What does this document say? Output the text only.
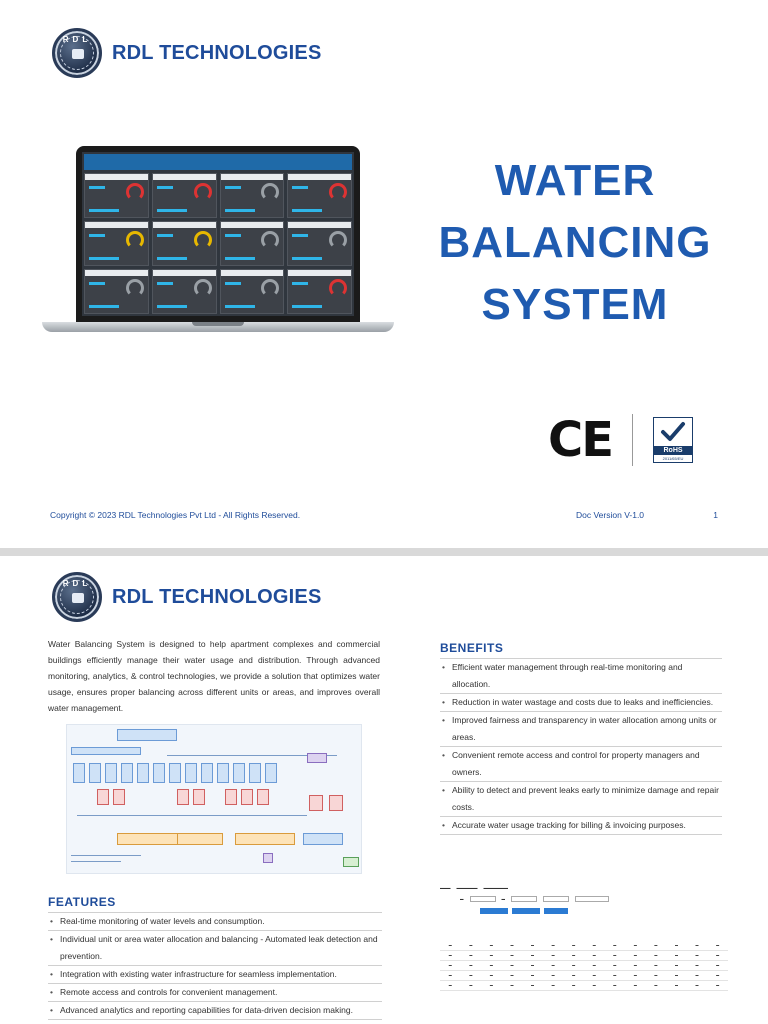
RDL
RDL TECHNOLOGIES
WATER
BALANCING
SYSTEM
CE	RoHS
2011/65/EU
Copyright © 2023 RDL Technologies Pvt Ltd - All Rights Reserved.	Doc Version V-1.0	1
RDL
RDL TECHNOLOGIES

Water Balancing System is designed to help apartment complexes and commercial buildings efficiently manage their water usage and distribution. Through advanced monitoring, analytics, & control technologies, we provide a solution that optimizes water usage, ensures proper balancing across different units or areas, and improves overall water management.

BENEFITS
• Efficient water management through real-time monitoring and allocation.
• Reduction in water wastage and costs due to leaks and inefficiencies.
• Improved fairness and transparency in water allocation among units or areas.
• Convenient remote access and control for property managers and owners.
• Ability to detect and prevent leaks early to minimize damage and repair costs.
• Accurate water usage tracking for billing & invoicing purposes.
FEATURES
• Real-time monitoring of water levels and consumption.
• Individual unit or area water allocation and balancing - Automated leak detection and prevention.
• Integration with existing water infrastructure for seamless implementation.
• Remote access and controls for convenient management.
• Advanced analytics and reporting capabilities for data-driven decision making.
▬▬▬ ▬▬▬▬▬▬ ▬▬▬▬▬▬▬
▬	▬
▬	▬	▬	▬	▬	▬	▬	▬	▬	▬	▬	▬	▬	▬
▬	▬	▬	▬	▬	▬	▬	▬	▬	▬	▬	▬	▬	▬
▬	▬	▬	▬	▬	▬	▬	▬	▬	▬	▬	▬	▬	▬
▬	▬	▬	▬	▬	▬	▬	▬	▬	▬	▬	▬	▬	▬
▬	▬	▬	▬	▬	▬	▬	▬	▬	▬	▬	▬	▬	▬
